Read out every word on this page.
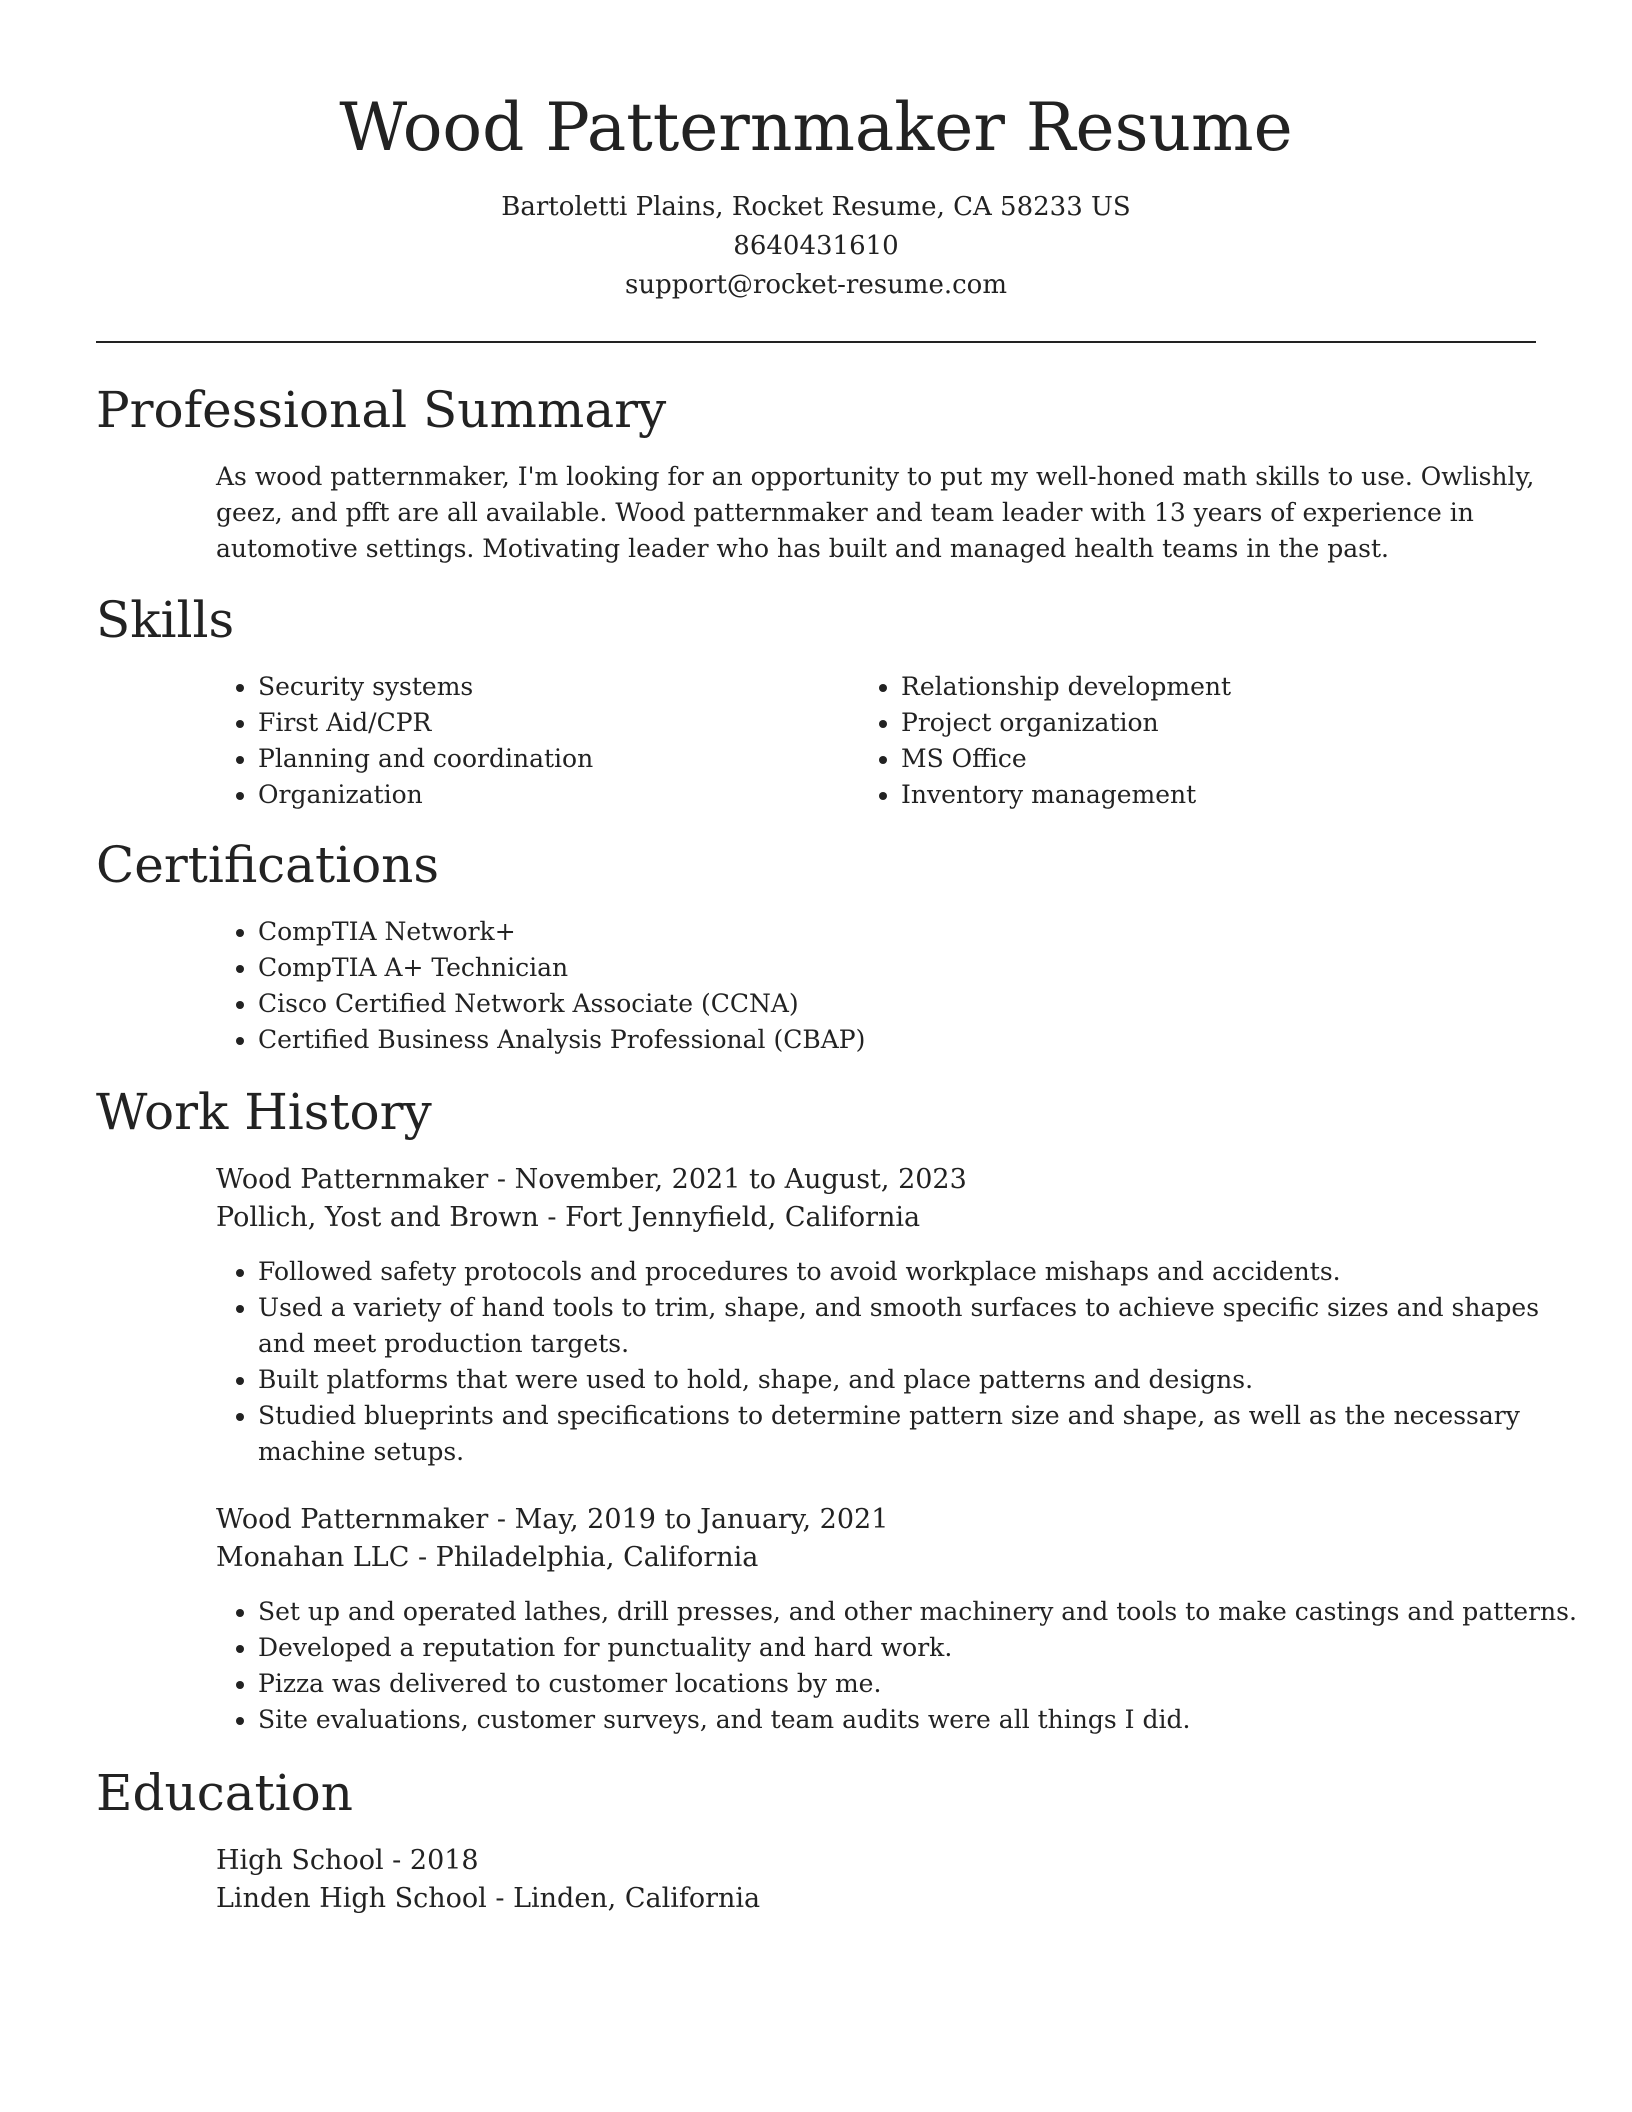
Wood Patternmaker Resume
Bartoletti Plains, Rocket Resume, CA 58233 US
8640431610
support@rocket-resume.com
Professional Summary

As wood patternmaker, I'm looking for an opportunity to put my well-honed math skills to use. Owlishly, geez, and pfft are all available. Wood patternmaker and team leader with 13 years of experience in automotive settings. Motivating leader who has built and managed health teams in the past.

Skills
• Security systems
• First Aid/CPR
• Planning and coordination
• Organization
• Relationship development
• Project organization
• MS Office
• Inventory management
Certifications
• CompTIA Network+
• CompTIA A+ Technician
• Cisco Certified Network Associate (CCNA)
• Certified Business Analysis Professional (CBAP)
Work History
Wood Patternmaker - November, 2021 to August, 2023
Pollich, Yost and Brown - Fort Jennyfield, California
• Followed safety protocols and procedures to avoid workplace mishaps and accidents.
• Used a variety of hand tools to trim, shape, and smooth surfaces to achieve specific sizes and shapes and meet production targets.
• Built platforms that were used to hold, shape, and place patterns and designs.
• Studied blueprints and specifications to determine pattern size and shape, as well as the necessary machine setups.
Wood Patternmaker - May, 2019 to January, 2021
Monahan LLC - Philadelphia, California
• Set up and operated lathes, drill presses, and other machinery and tools to make castings and patterns.
• Developed a reputation for punctuality and hard work.
• Pizza was delivered to customer locations by me.
• Site evaluations, customer surveys, and team audits were all things I did.
Education
High School - 2018
Linden High School - Linden, California
